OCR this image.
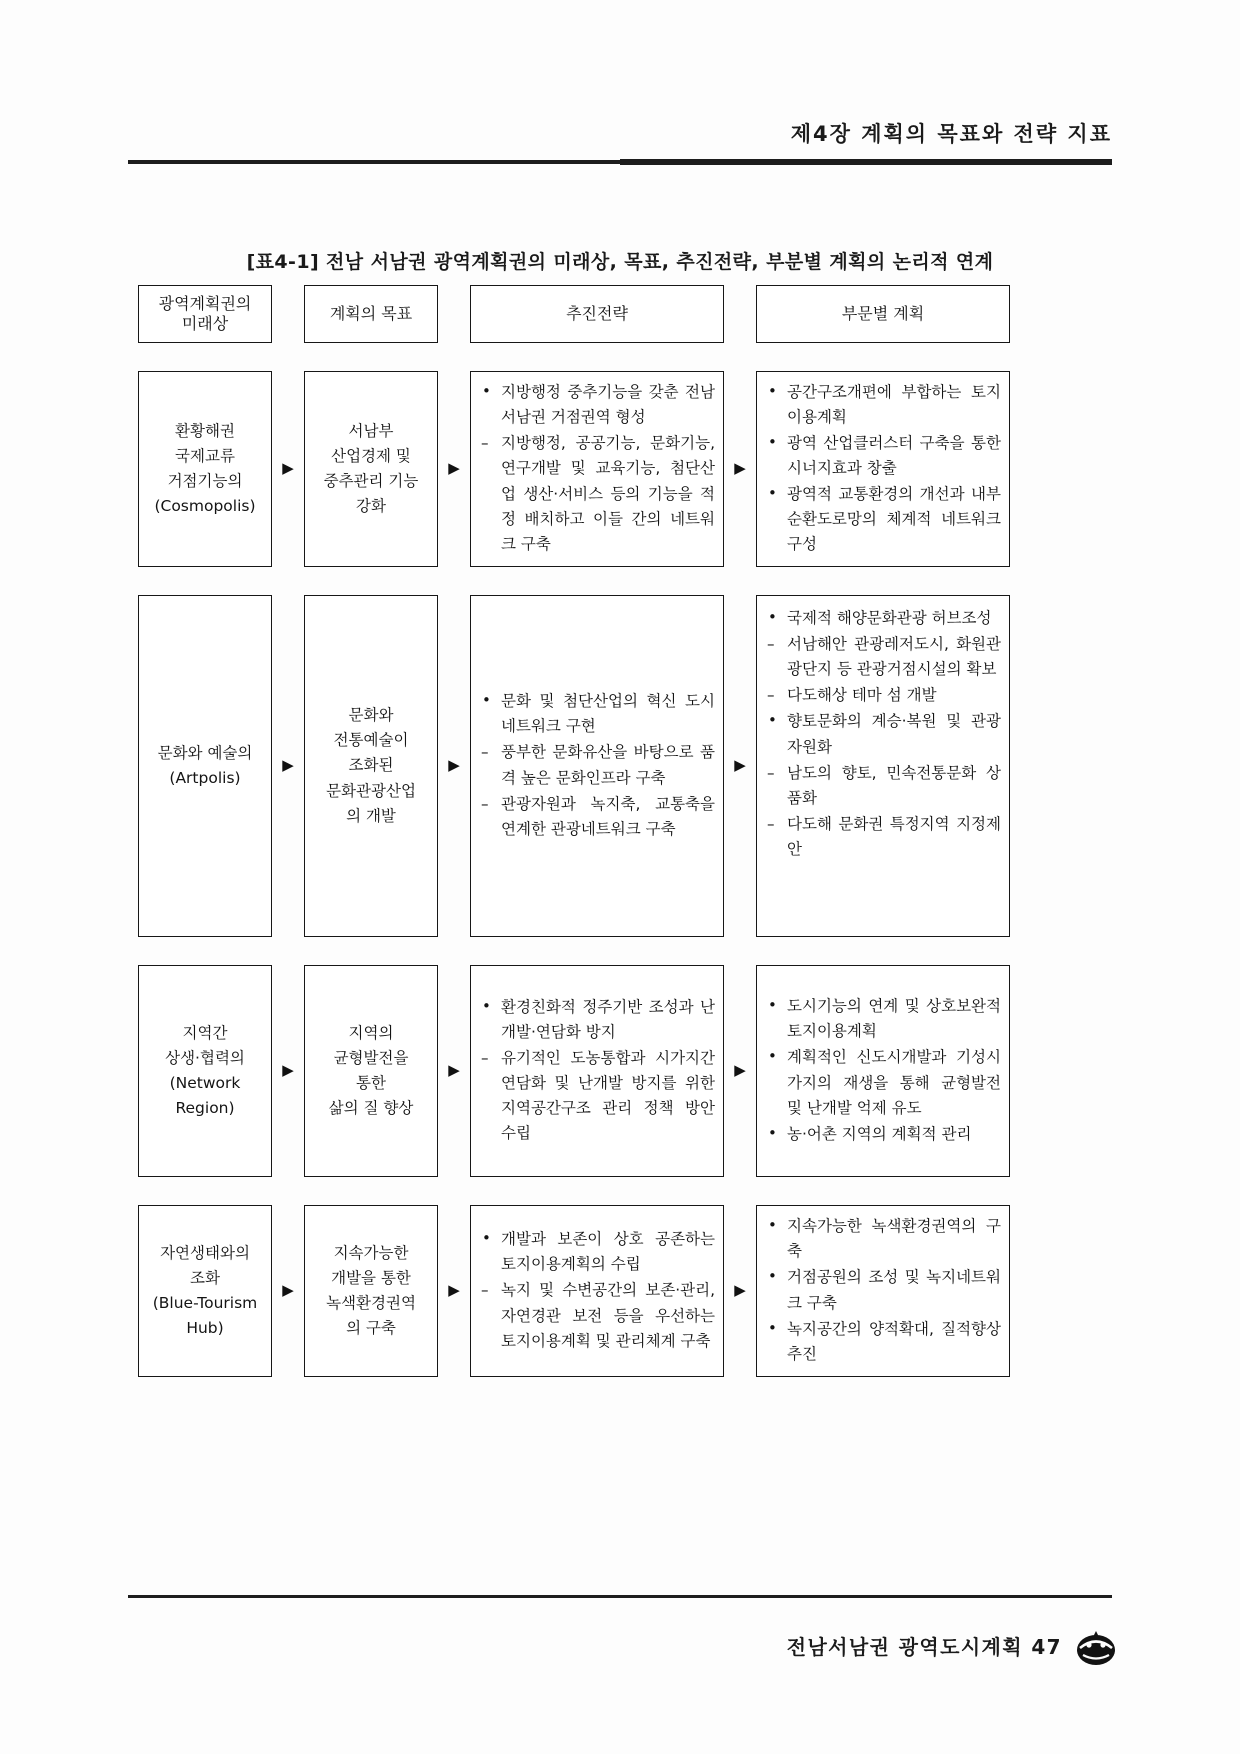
제4장 계획의 목표와 전략 지표
[표4-1] 전남 서남권 광역계획권의 미래상, 목표, 추진전략, 부분별 계획의 논리적 연계
광역계획권의
미래상
계획의 목표	추진전략	부문별 계획
환황해권
국제교류
거점기능의
(Cosmopolis)
▶
서남부
산업경제 및
중추관리 기능
강화
▶
• 지방행정 중추기능을 갖춘 전남서남권 거점권역 형성
– 지방행정, 공공기능, 문화기능, 연구개발 및 교육기능, 첨단산업 생산·서비스 등의 기능을 적정 배치하고 이들 간의 네트워크 구축
▶
• 공간구조개편에 부합하는 토지이용계획
• 광역 산업클러스터 구축을 통한 시너지효과 창출
• 광역적 교통환경의 개선과 내부순환도로망의 체계적 네트워크 구성
문화와 예술의
(Artpolis)
▶
문화와
전통예술이
조화된
문화관광산업
의 개발
▶
• 문화 및 첨단산업의 혁신 도시네트워크 구현
– 풍부한 문화유산을 바탕으로 품격 높은 문화인프라 구축
– 관광자원과 녹지축, 교통축을 연계한 관광네트워크 구축
▶
• 국제적 해양문화관광 허브조성
– 서남해안 관광레저도시, 화원관광단지 등 관광거점시설의 확보
– 다도해상 테마 섬 개발
• 향토문화의 계승·복원 및 관광자원화
– 남도의 향토, 민속전통문화 상품화
– 다도해 문화권 특정지역 지정제안
지역간
상생·협력의
(Network
Region)
▶
지역의
균형발전을
통한
삶의 질 향상
▶
• 환경친화적 정주기반 조성과 난개발·연담화 방지
– 유기적인 도농통합과 시가지간 연담화 및 난개발 방지를 위한 지역공간구조 관리 정책 방안 수립
▶
• 도시기능의 연계 및 상호보완적 토지이용계획
• 계획적인 신도시개발과 기성시가지의 재생을 통해 균형발전 및 난개발 억제 유도
• 농·어촌 지역의 계획적 관리
자연생태와의
조화
(Blue-Tourism
Hub)
▶
지속가능한
개발을 통한
녹색환경권역
의 구축
▶
• 개발과 보존이 상호 공존하는 토지이용계획의 수립
– 녹지 및 수변공간의 보존·관리, 자연경관 보전 등을 우선하는 토지이용계획 및 관리체계 구축
▶
• 지속가능한 녹색환경권역의 구축
• 거점공원의 조성 및 녹지네트워크 구축
• 녹지공간의 양적확대, 질적향상 추진
전남서남권 광역도시계획 47
